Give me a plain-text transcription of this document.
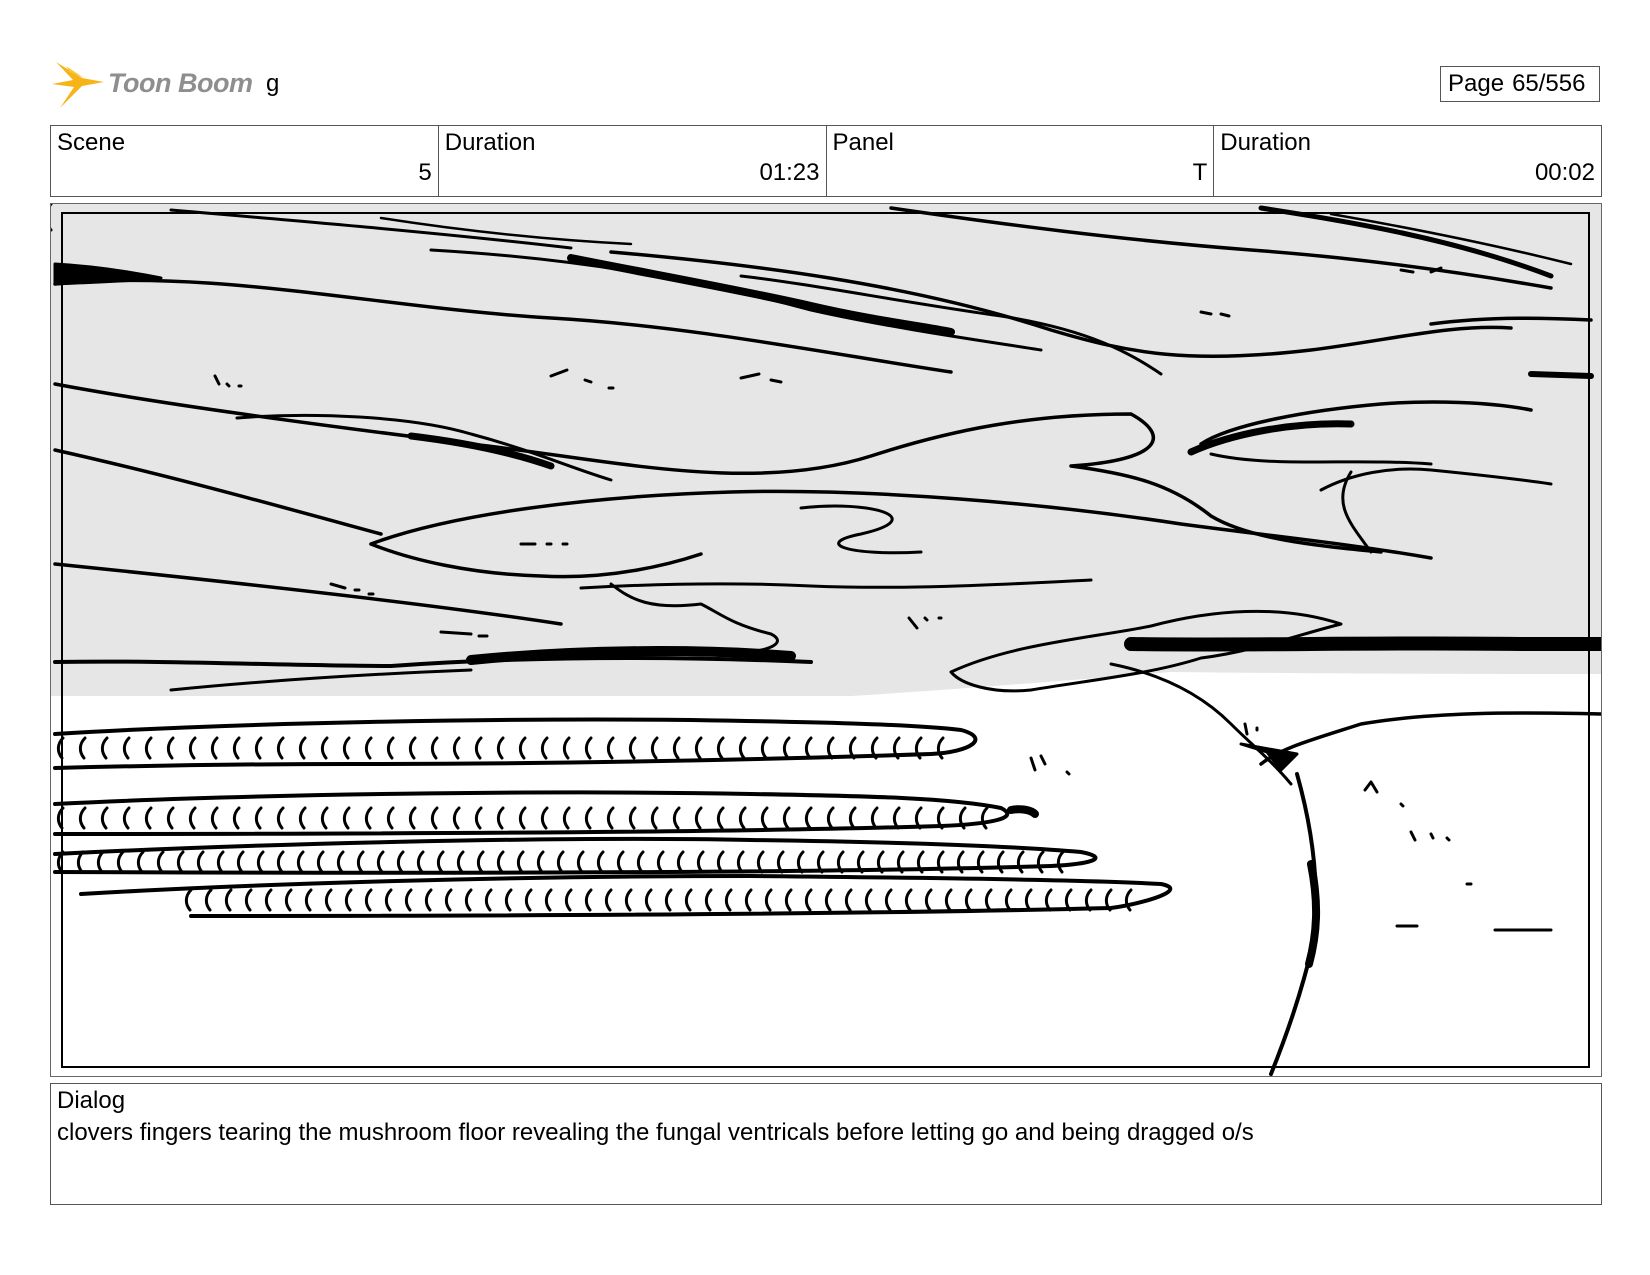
Toon Boom g	Page 65/556
Scene
5
Duration
01:23
Panel
T
Duration
00:02
Dialog
clovers fingers tearing the mushroom floor revealing the fungal ventricals before letting go and being dragged o/s
